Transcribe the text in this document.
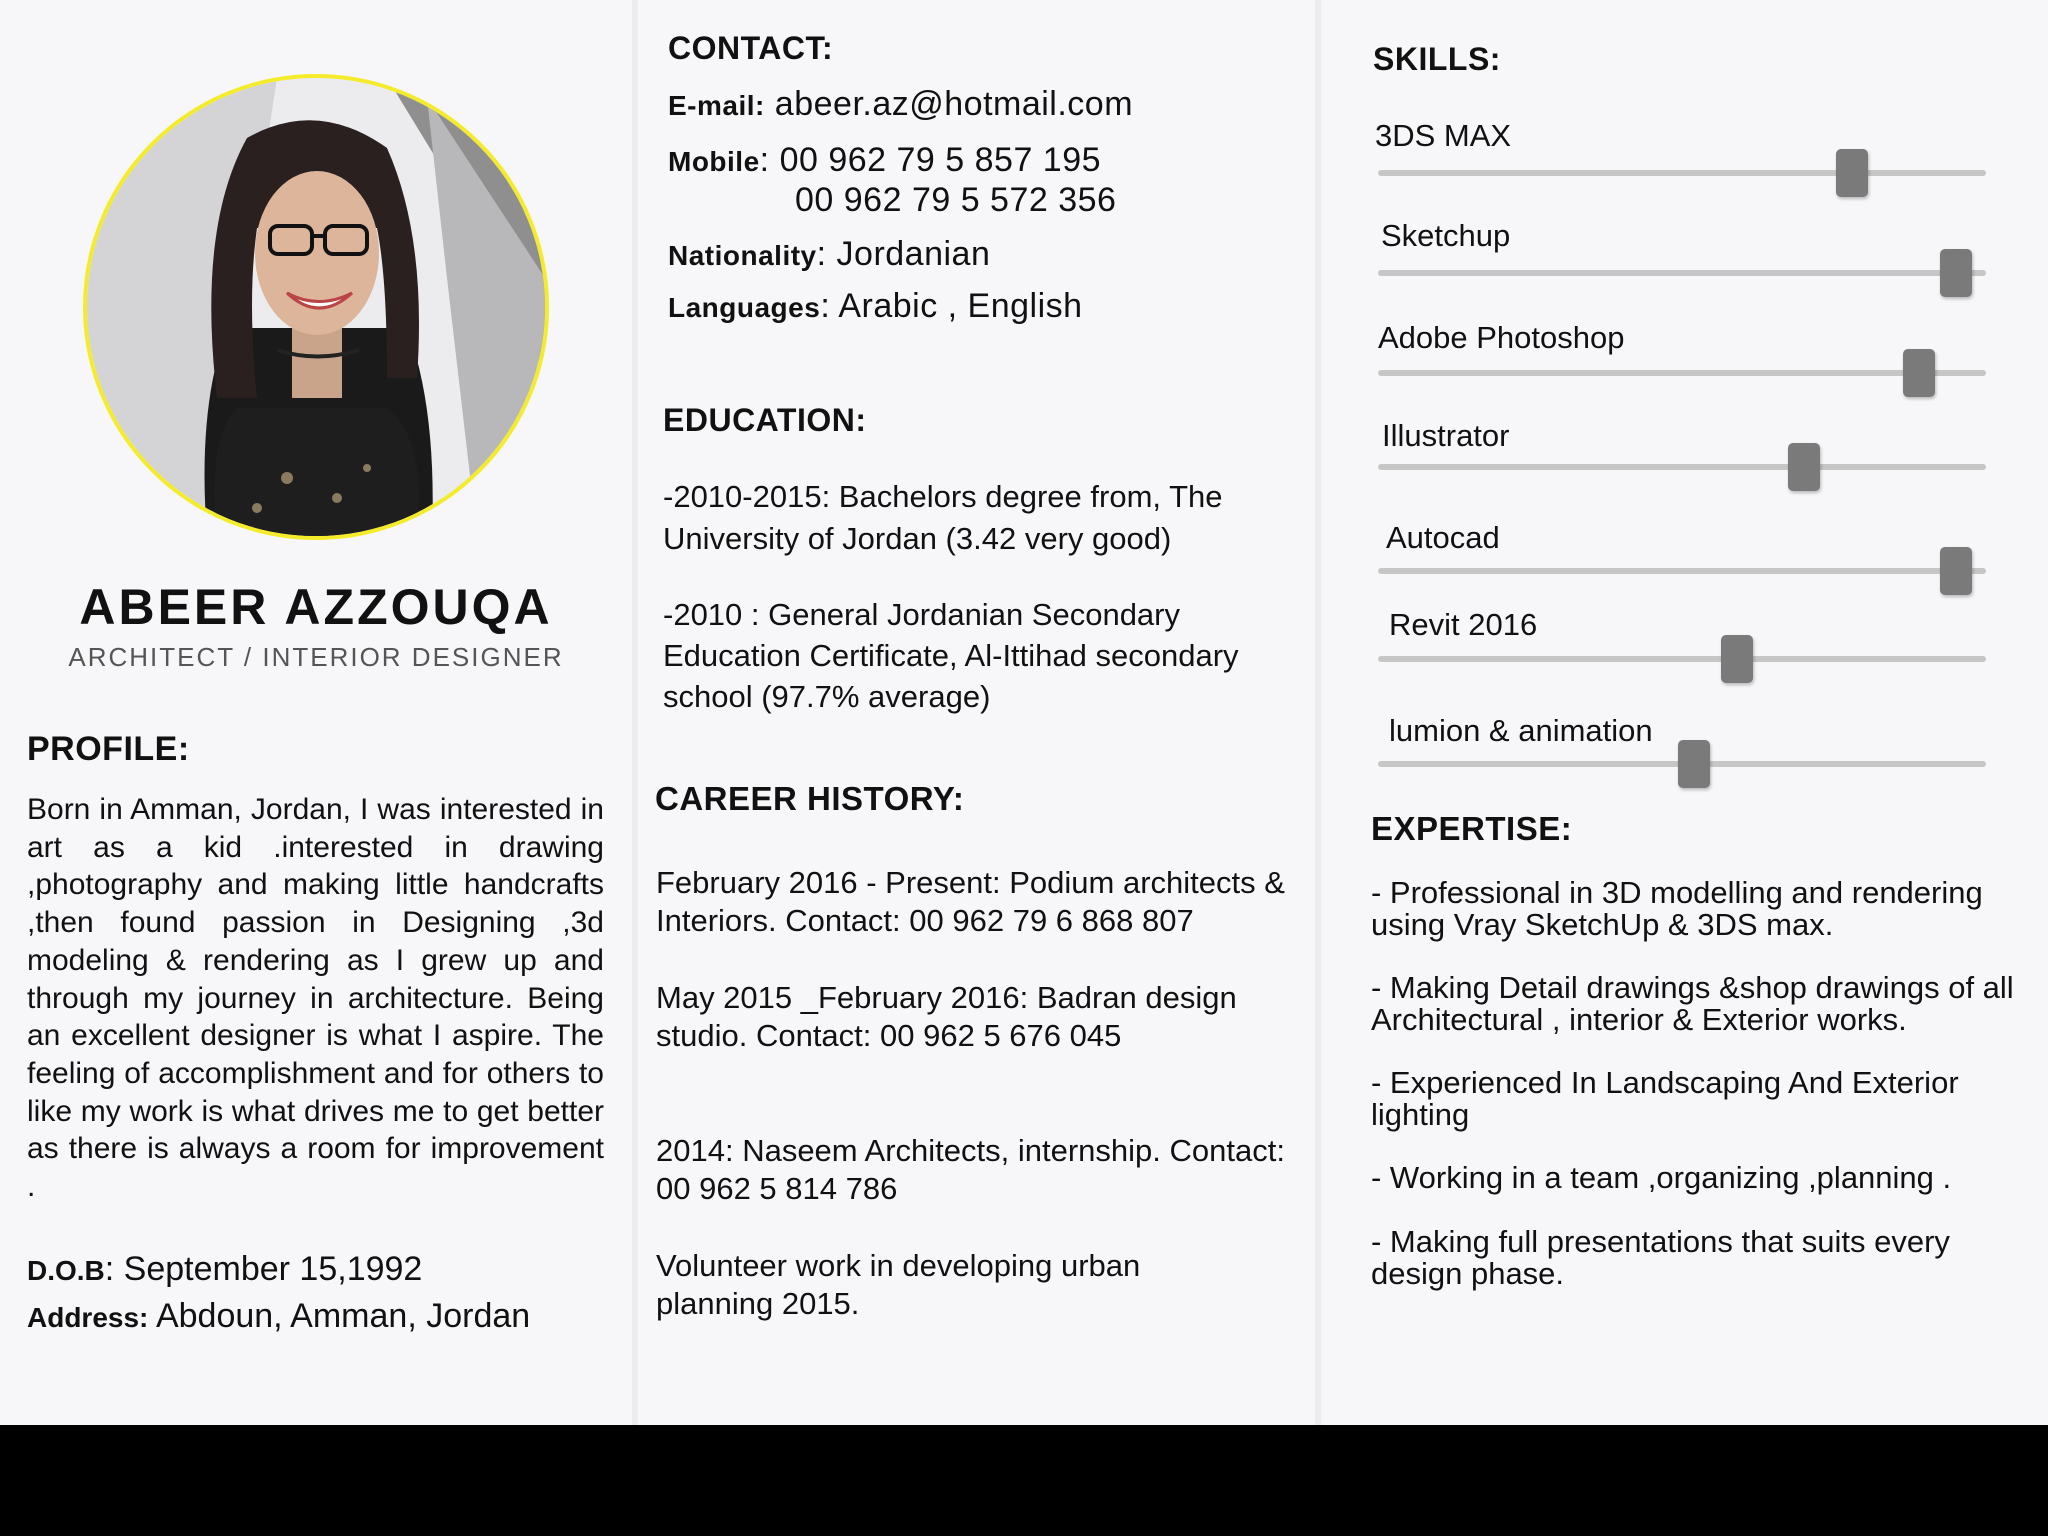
ABEER AZZOUQA
ARCHITECT / INTERIOR DESIGNER
PROFILE:

Born in Amman, Jordan, I was interested in art as a kid .interested in drawing ,photography and making little handcrafts ,then found passion in Designing ,3d modeling & rendering as I grew up and through my journey in architecture. Being an excellent designer is what I aspire. The feeling of accomplishment and for others to like my work is what drives me to get better as there is always a room for improvement .

D.O.B: September 15,1992
Address: Abdoun, Amman, Jordan
CONTACT:
E-mail: abeer.az@hotmail.com
Mobile: 00 962 79 5 857 195
00 962 79 5 572 356
Nationality: Jordanian
Languages: Arabic , English
EDUCATION:

-2010-2015: Bachelors degree from, The University of Jordan (3.42 very good)

-2010 : General Jordanian Secondary Education Certificate, Al-Ittihad secondary school (97.7% average)

CAREER HISTORY:

February 2016 - Present: Podium architects & Interiors. Contact: 00 962 79 6 868 807

May 2015 _February 2016: Badran design studio. Contact: 00 962 5 676 045

2014: Naseem Architects, internship. Contact: 00 962 5 814 786

Volunteer work in developing urban planning 2015.

SKILLS:
3DS MAX
Sketchup
Adobe Photoshop
Illustrator
Autocad
Revit 2016
lumion & animation
EXPERTISE:

- Professional in 3D modelling and rendering using Vray SketchUp & 3DS max.

- Making Detail drawings &shop drawings of all Architectural , interior & Exterior works.

- Experienced In Landscaping And Exterior lighting

- Working in a team ,organizing ,planning .

- Making full presentations that suits every design phase.
